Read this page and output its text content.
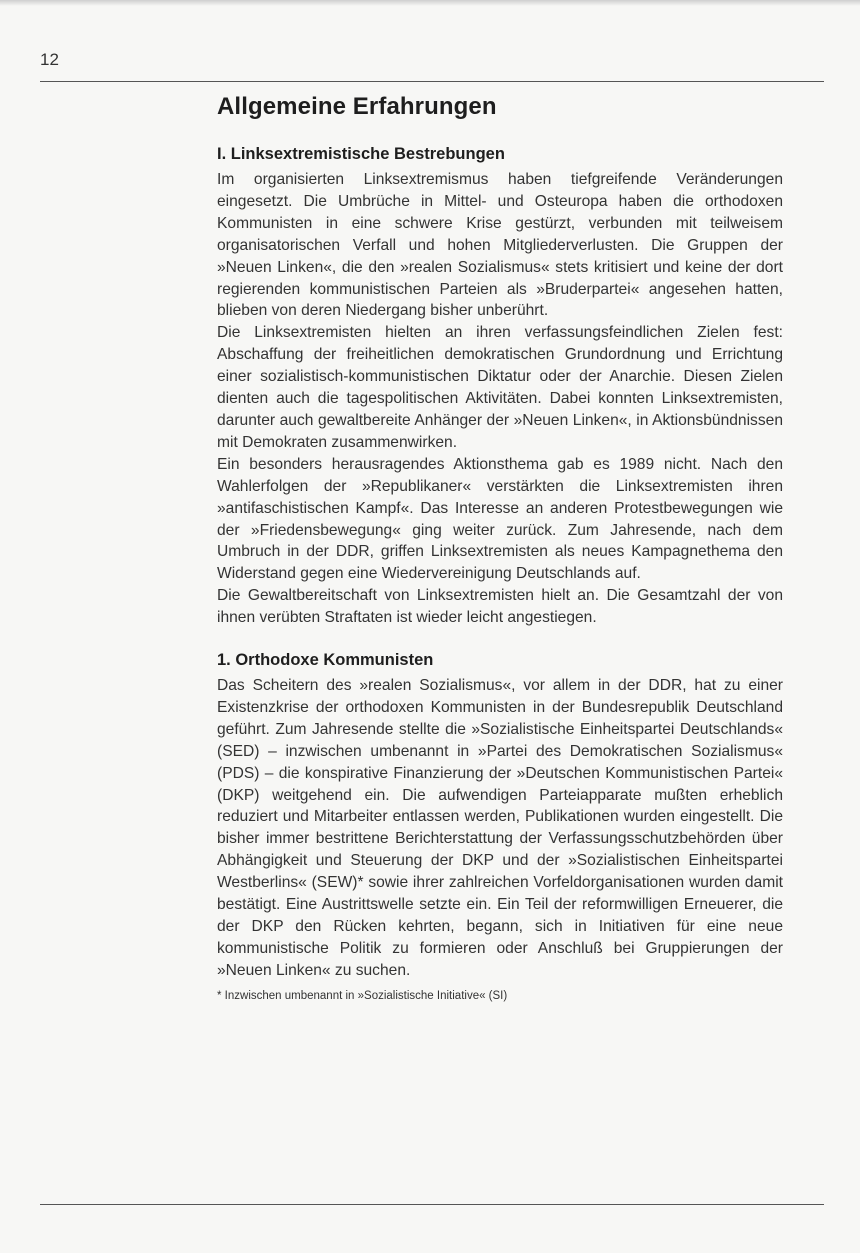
12
Allgemeine Erfahrungen
I. Linksextremistische Bestrebungen

Im organisierten Linksextremismus haben tiefgreifende Veränderungen eingesetzt. Die Umbrüche in Mittel- und Osteuropa haben die orthodoxen Kommunisten in eine schwere Krise gestürzt, verbunden mit teilweisem organisatorischen Verfall und hohen Mitgliederverlusten. Die Gruppen der »Neuen Linken«, die den »realen Sozialismus« stets kritisiert und keine der dort regierenden kommunistischen Parteien als »Bruderpartei« angesehen hatten, blieben von deren Niedergang bisher unberührt.

Die Linksextremisten hielten an ihren verfassungsfeindlichen Zielen fest: Abschaffung der freiheitlichen demokratischen Grundordnung und Errichtung einer sozialistisch-kommunistischen Diktatur oder der Anarchie. Diesen Zielen dienten auch die tagespolitischen Aktivitäten. Dabei konnten Linksextremisten, darunter auch gewaltbereite Anhänger der »Neuen Linken«, in Aktionsbündnissen mit Demokraten zusammenwirken.

Ein besonders herausragendes Aktionsthema gab es 1989 nicht. Nach den Wahlerfolgen der »Republikaner« verstärkten die Linksextremisten ihren »antifaschistischen Kampf«. Das Interesse an anderen Protestbewegungen wie der »Friedensbewegung« ging weiter zurück. Zum Jahresende, nach dem Umbruch in der DDR, griffen Linksextremisten als neues Kampagnethema den Widerstand gegen eine Wiedervereinigung Deutschlands auf.

Die Gewaltbereitschaft von Linksextremisten hielt an. Die Gesamtzahl der von ihnen verübten Straftaten ist wieder leicht angestiegen.

1. Orthodoxe Kommunisten

Das Scheitern des »realen Sozialismus«, vor allem in der DDR, hat zu einer Existenzkrise der orthodoxen Kommunisten in der Bundesrepublik Deutschland geführt. Zum Jahresende stellte die »Sozialistische Einheitspartei Deutschlands« (SED) – inzwischen umbenannt in »Partei des Demokratischen Sozialismus« (PDS) – die konspirative Finanzierung der »Deutschen Kommunistischen Partei« (DKP) weitgehend ein. Die aufwendigen Parteiapparate mußten erheblich reduziert und Mitarbeiter entlassen werden, Publikationen wurden eingestellt. Die bisher immer bestrittene Berichterstattung der Verfassungsschutzbehörden über Abhängigkeit und Steuerung der DKP und der »Sozialistischen Einheitspartei Westberlins« (SEW)* sowie ihrer zahlreichen Vorfeldorganisationen wurden damit bestätigt. Eine Austrittswelle setzte ein. Ein Teil der reformwilligen Erneuerer, die der DKP den Rücken kehrten, begann, sich in Initiativen für eine neue kommunistische Politik zu formieren oder Anschluß bei Gruppierungen der »Neuen Linken« zu suchen.

* Inzwischen umbenannt in »Sozialistische Initiative« (SI)
